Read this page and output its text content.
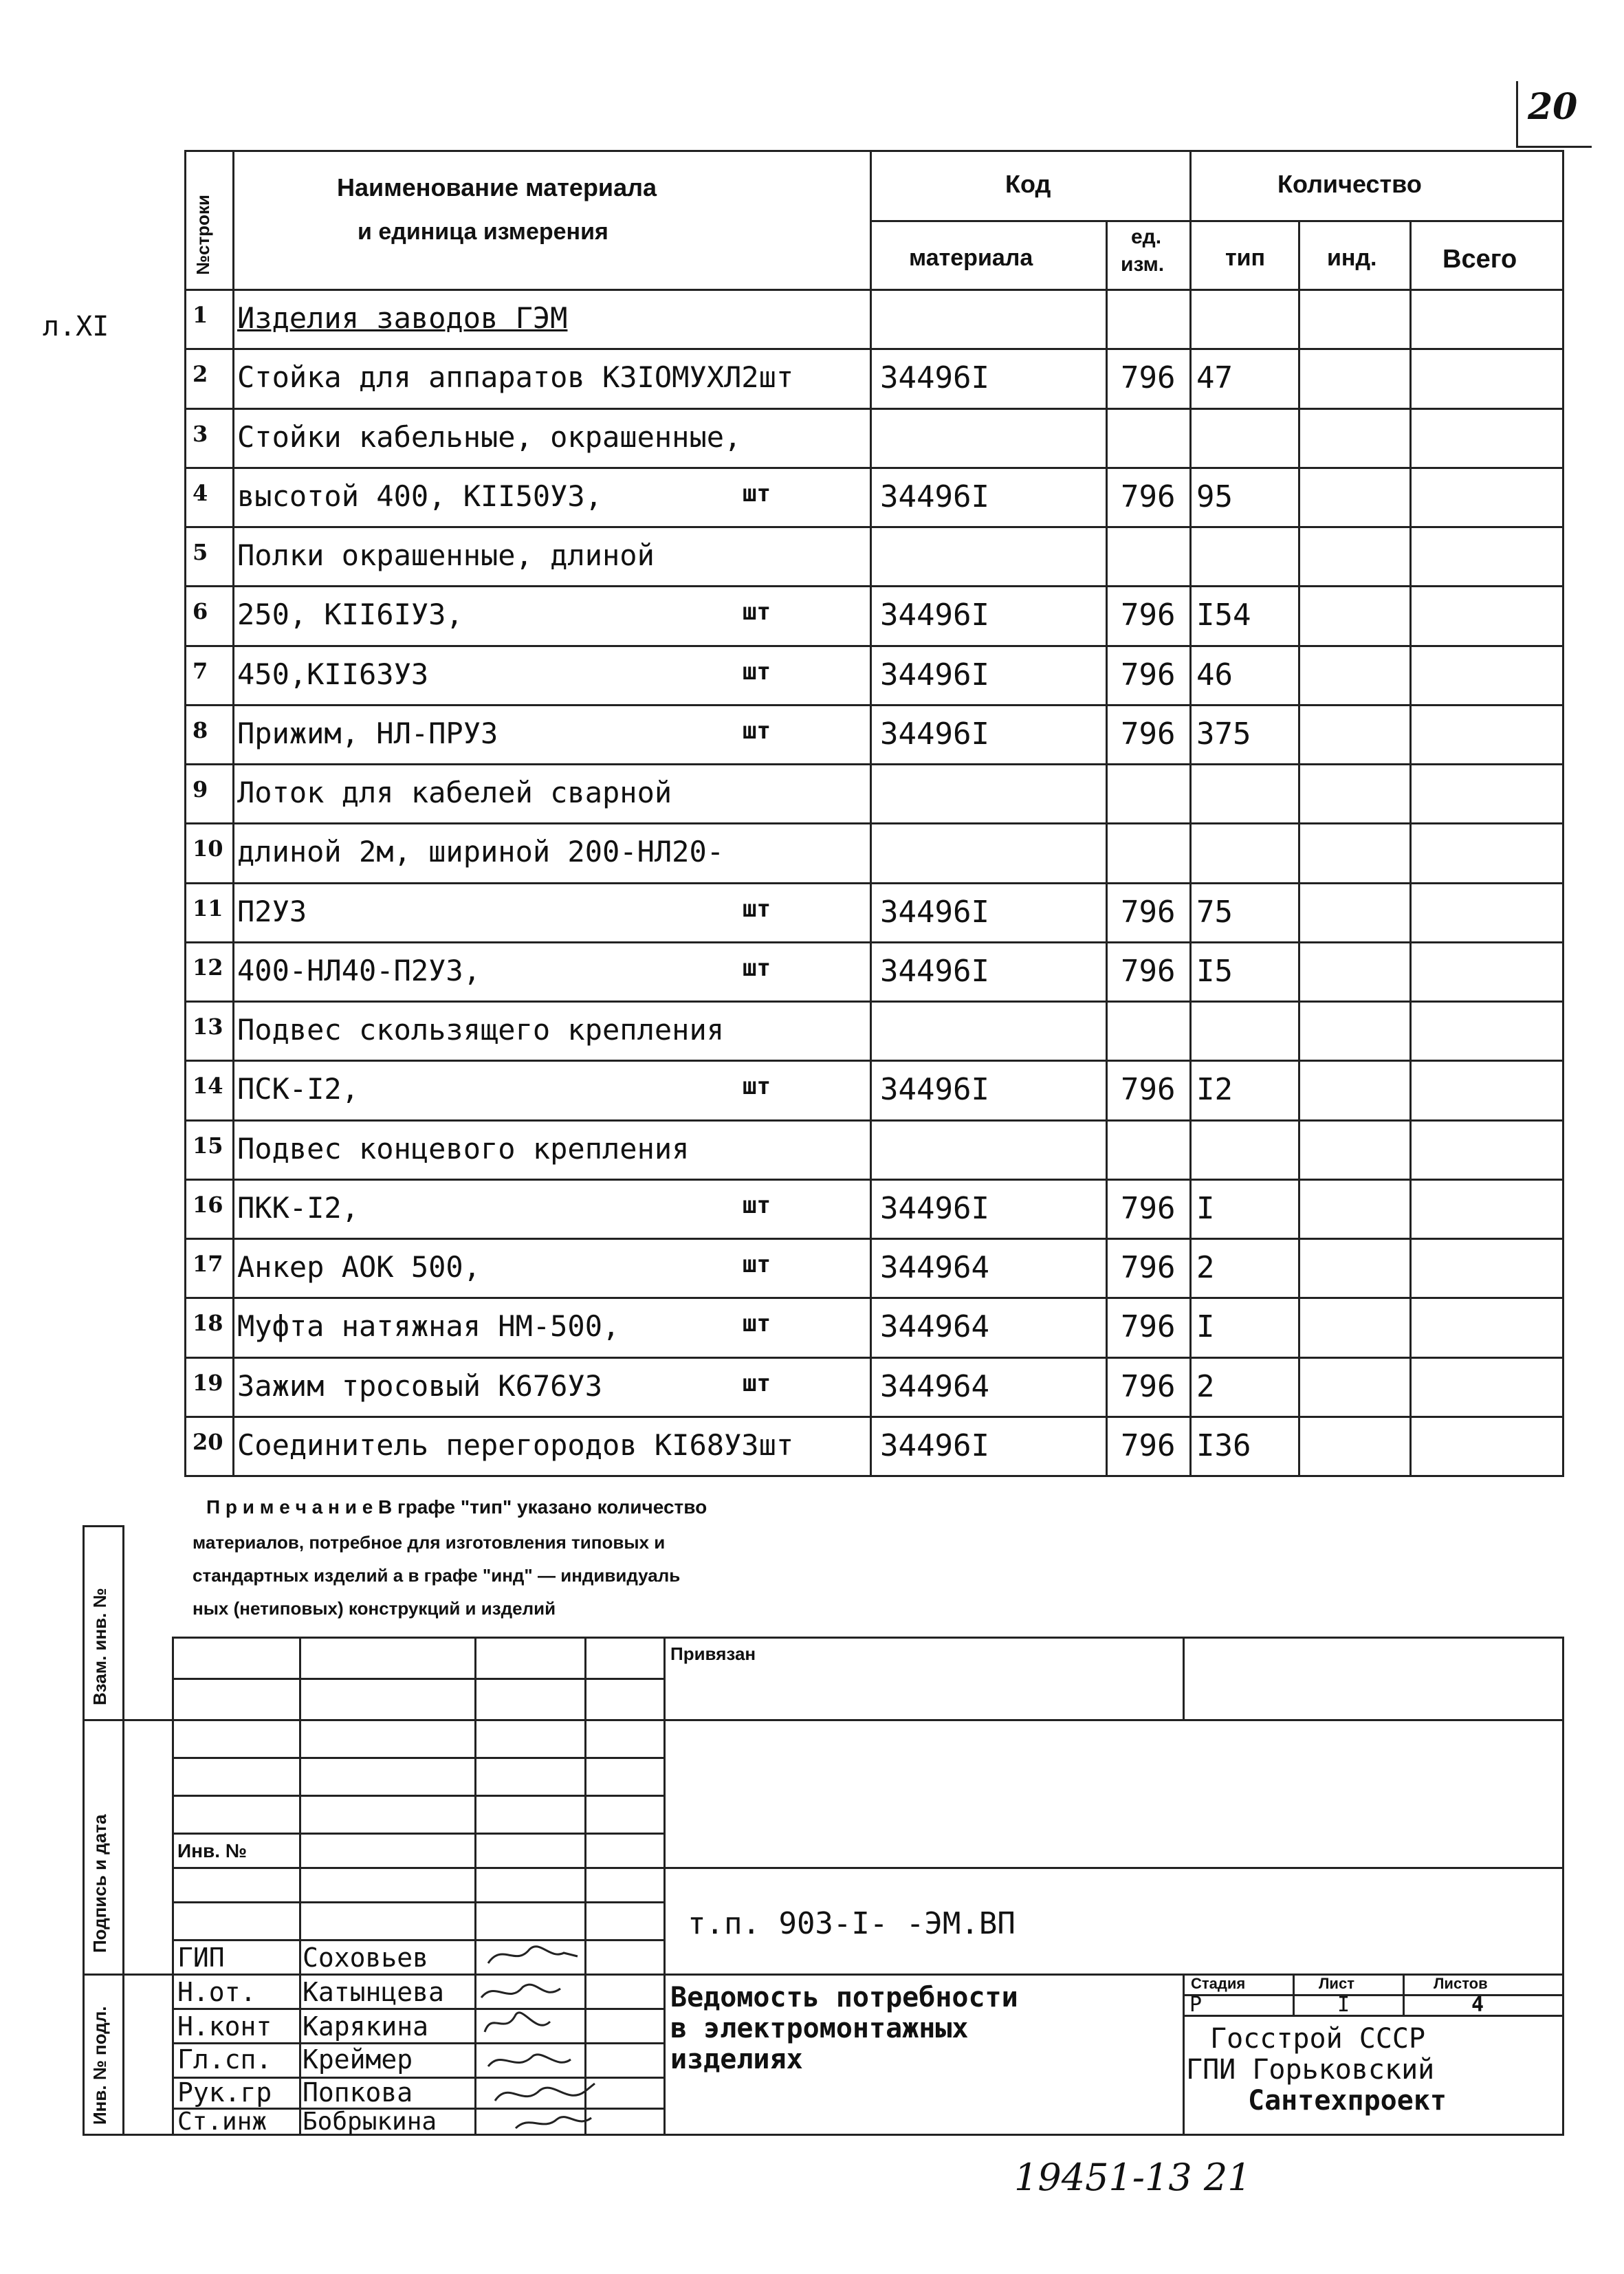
20
л.XI
№строки
Наименование материала
и единица измерения
Код
материала
ед.
изм.
Количество
тип	инд.	Всего
1 Изделия заводов ГЭМ
2 Стойка для аппаратов КЗIОМУХЛ2шт	34496I	796 47
3 Стойки кабельные, окрашенные,
4 высотой 400, КII50УЗ,	шт	34496I	796 95
5 Полки окрашенные, длиной
6 250, КII6IУЗ,	шт	34496I	796 I54
7 450,КII63УЗ	шт	34496I	796 46
8 Прижим, НЛ-ПРУЗ	шт	34496I	796 375
9 Лоток для кабелей сварной
10 длиной 2м, шириной 200-НЛ20-
11 П2УЗ	шт	34496I	796 75
12 400-НЛ40-П2УЗ,	шт	34496I	796 I5
13 Подвес скользящего крепления
14 ПСК-I2,	шт	34496I	796 I2
15 Подвес концевого крепления
16 ПКК-I2,	шт	34496I	796 I
17 Анкер АОК 500,	шт	344964	796 2
18 Муфта натяжная НМ-500,	шт	344964	796 I
19 Зажим тросовый К676УЗ	шт	344964	796 2
20 Соединитель перегородов КI68УЗшт	34496I	796 I36
П р и м е ч а н и е В графе "тип" указано количество
материалов, потребное для изготовления типовых и
стандартных изделий а в графе "инд" — индивидуаль
ных (нетиповых) конструкций и изделий
Взам. инв. №
Подпись и дата
Инв. № подл.
Привязан
Инв. №
т.п. 903-I- -ЭМ.ВП
ГИП	Соховьев
Н.от. Катынцева
Н.конт Карякина
Гл.сп. Креймер
Рук.гр Попкова
Ст.инж Бобрыкина
Ведомость потребности
в электромонтажных
изделиях
Стадия	Лист	Листов
Р	I	4
Госстрой СССР
ГПИ Горьковский
Сантехпроект
19451-13 21
